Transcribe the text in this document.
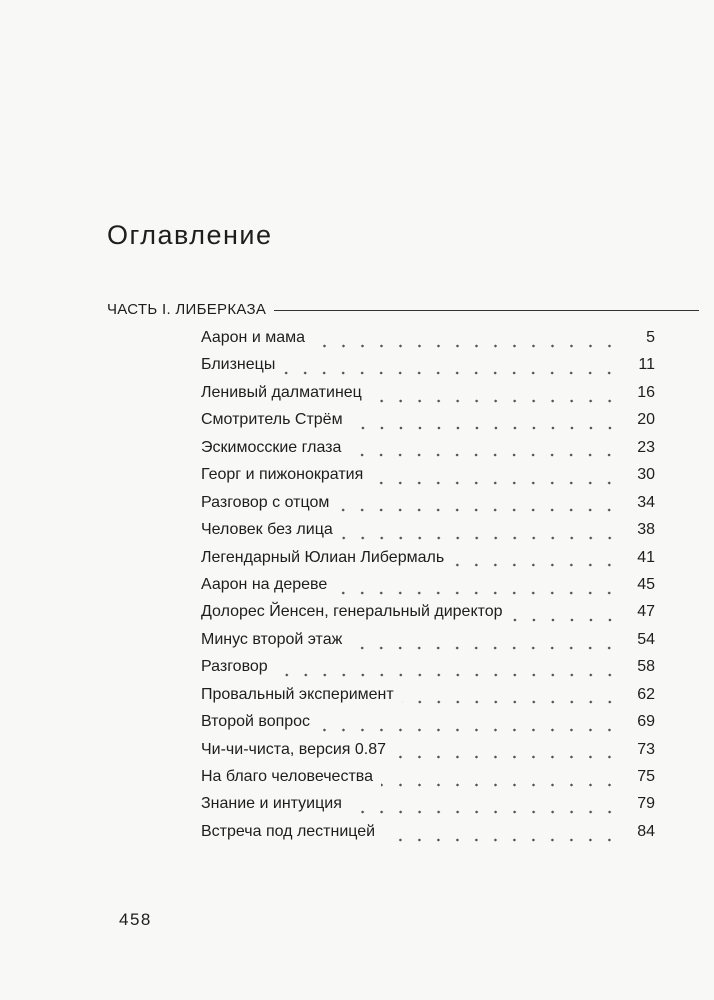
Оглавление
ЧАСТЬ I. ЛИБЕРКАЗА
Аарон и мама	5
Близнецы	11
Ленивый далматинец	16
Смотритель Стрём	20
Эскимосские глаза	23
Георг и пижонократия	30
Разговор с отцом	34
Человек без лица	38
Легендарный Юлиан Либермаль	41
Аарон на дереве	45
Долорес Йенсен, генеральный директор	47
Минус второй этаж	54
Разговор	58
Провальный эксперимент	62
Второй вопрос	69
Чи-чи-чиста, версия 0.87	73
На благо человечества	75
Знание и интуиция	79
Встреча под лестницей	84
458
